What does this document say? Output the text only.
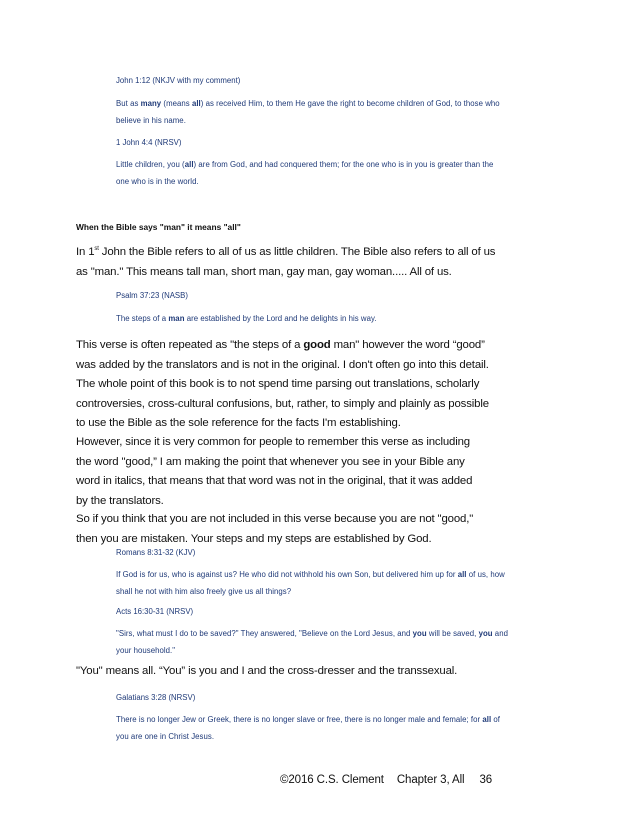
John 1:12 (NKJV with my comment)

But as many (means all) as received Him, to them He gave the right to become children of God, to those who believe in his name.

1 John 4:4 (NRSV)

Little children, you (all) are from God, and had conquered them; for the one who is in you is greater than the one who is in the world.

When the Bible says "man" it means "all"

In 1st John the Bible refers to all of us as little children. The Bible also refers to all of us as "man." This means tall man, short man, gay man, gay woman..... All of us.

Psalm 37:23 (NASB)

The steps of a man are established by the Lord and he delights in his way.

This verse is often repeated as "the steps of a good man" however the word “good” was added by the translators and is not in the original. I don't often go into this detail. The whole point of this book is to not spend time parsing out translations, scholarly controversies, cross-cultural confusions, but, rather, to simply and plainly as possible to use the Bible as the sole reference for the facts I'm establishing.

However, since it is very common for people to remember this verse as including the word "good,” I am making the point that whenever you see in your Bible any word in italics, that means that that word was not in the original, that it was added by the translators.

So if you think that you are not included in this verse because you are not "good," then you are mistaken. Your steps and my steps are established by God.

Romans 8:31-32 (KJV)

If God is for us, who is against us? He who did not withhold his own Son, but delivered him up for all of us, how shall he not with him also freely give us all things?

Acts 16:30-31 (NRSV)

"Sirs, what must I do to be saved?" They answered, "Believe on the Lord Jesus, and you will be saved, you and your household."

"You" means all. “You” is you and I and the cross-dresser and the transsexual.

Galatians 3:28 (NRSV)

There is no longer Jew or Greek, there is no longer slave or free, there is no longer male and female; for all of you are one in Christ Jesus.

©2016 C.S. Clement Chapter 3, All 36
